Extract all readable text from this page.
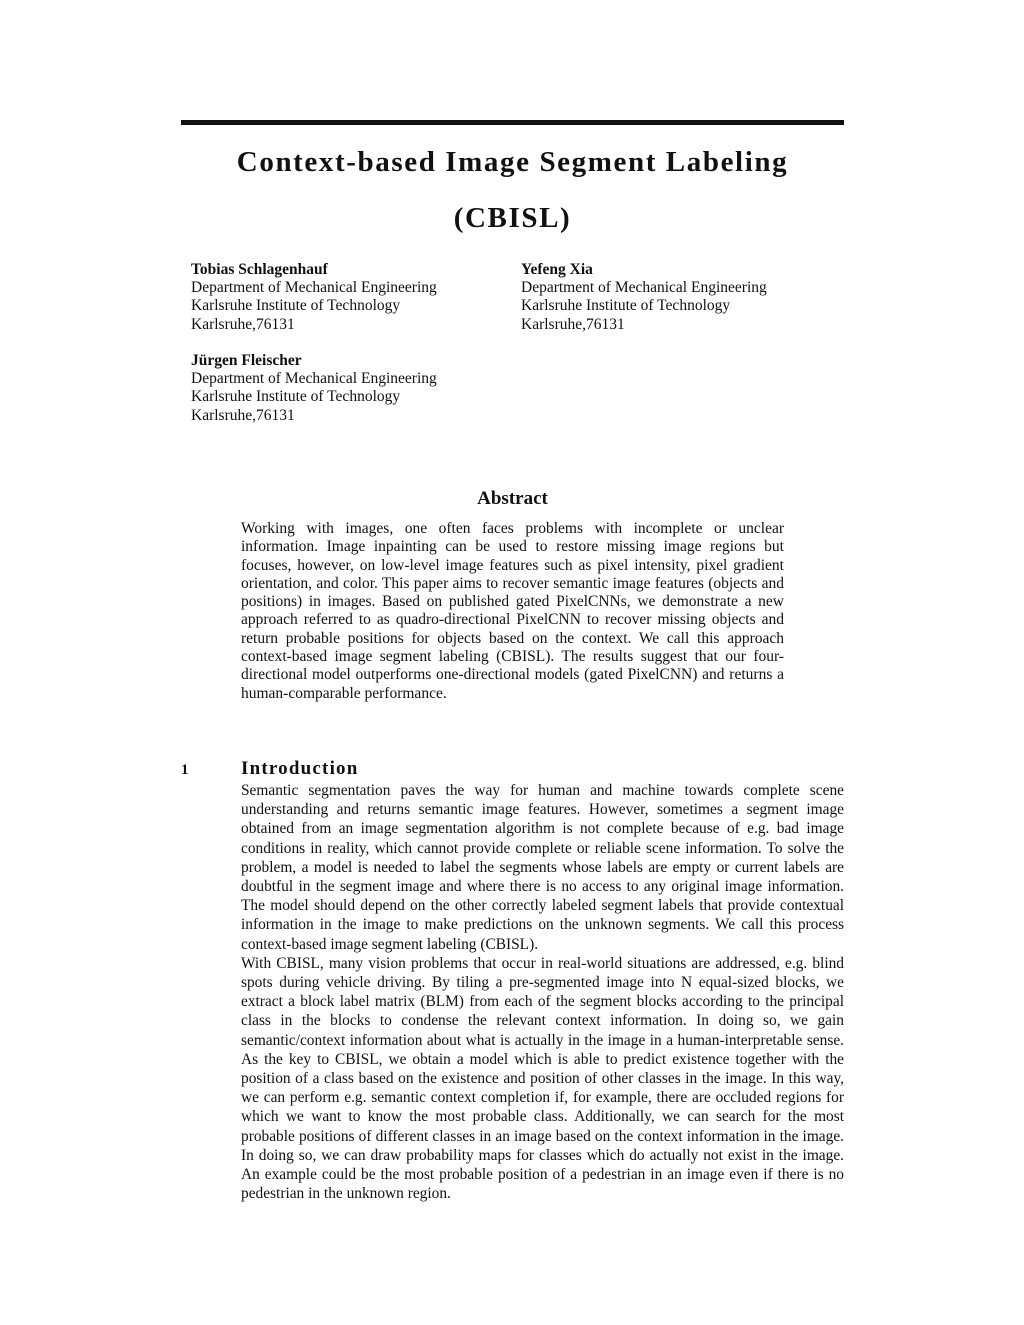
Context-based Image Segment Labeling
(CBISL)
Tobias Schlagenhauf
Department of Mechanical Engineering
Karlsruhe Institute of Technology
Karlsruhe,76131
Yefeng Xia
Department of Mechanical Engineering
Karlsruhe Institute of Technology
Karlsruhe,76131
Jürgen Fleischer
Department of Mechanical Engineering
Karlsruhe Institute of Technology
Karlsruhe,76131
Abstract

Working with images, one often faces problems with incomplete or unclear information. Image inpainting can be used to restore missing image regions but focuses, however, on low-level image features such as pixel intensity, pixel gradient orientation, and color. This paper aims to recover semantic image features (objects and positions) in images. Based on published gated PixelCNNs, we demonstrate a new approach referred to as quadro-directional PixelCNN to recover missing objects and return probable positions for objects based on the context. We call this approach context-based image segment labeling (CBISL). The results suggest that our four-directional model outperforms one-directional models (gated PixelCNN) and returns a human-comparable performance.

1	Introduction

Semantic segmentation paves the way for human and machine towards complete scene understanding and returns semantic image features. However, sometimes a segment image obtained from an image segmentation algorithm is not complete because of e.g. bad image conditions in reality, which cannot provide complete or reliable scene information. To solve the problem, a model is needed to label the segments whose labels are empty or current labels are doubtful in the segment image and where there is no access to any original image information. The model should depend on the other correctly labeled segment labels that provide contextual information in the image to make predictions on the unknown segments. We call this process context-based image segment labeling (CBISL).

With CBISL, many vision problems that occur in real-world situations are addressed, e.g. blind spots during vehicle driving. By tiling a pre-segmented image into N equal-sized blocks, we extract a block label matrix (BLM) from each of the segment blocks according to the principal class in the blocks to condense the relevant context information. In doing so, we gain semantic/context information about what is actually in the image in a human-interpretable sense. As the key to CBISL, we obtain a model which is able to predict existence together with the position of a class based on the existence and position of other classes in the image. In this way, we can perform e.g. semantic context completion if, for example, there are occluded regions for which we want to know the most probable class. Additionally, we can search for the most probable positions of different classes in an image based on the context information in the image. In doing so, we can draw probability maps for classes which do actually not exist in the image. An example could be the most probable position of a pedestrian in an image even if there is no pedestrian in the unknown region.
